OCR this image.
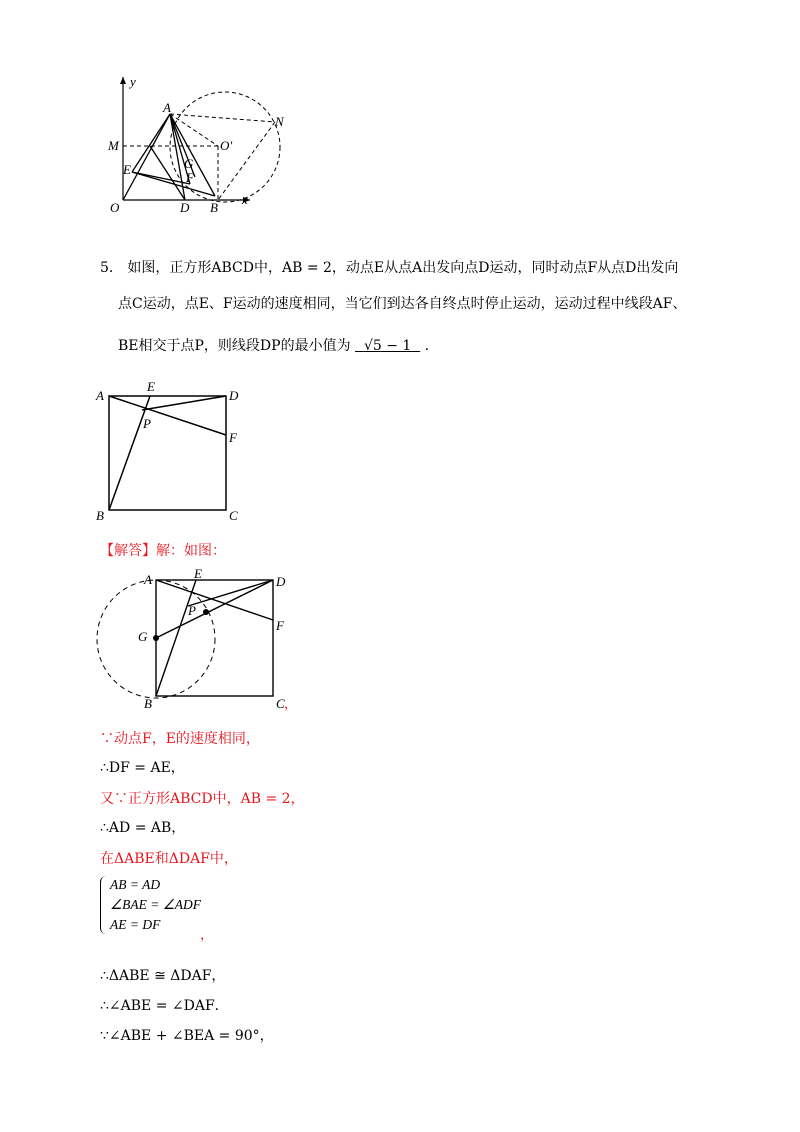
y
x
A
N
M	O'
G
E
F
O	D B
5． 如图，正方形ABCD中，AB = 2，动点E从点A出发向点D运动，同时动点F从点D出发向
点C运动，点E、F运动的速度相同，当它们到达各自终点时停止运动，运动过程中线段AF、
BE相交于点P，则线段DP的最小值为 √5 − 1 .
A
E
D
P
F
B	C
【解答】解：如图：
A	E
D
P
G
F
B	C ，
∵动点F，E的速度相同，
∴DF = AE，
又∵正方形ABCD中，AB = 2，
∴AD = AB，
在ΔABE和ΔDAF中，
AB = AD
∠BAE = ∠ADF
AE = DF
，
∴ΔABE ≅ ΔDAF，
∴∠ABE = ∠DAF．
∵∠ABE + ∠BEA = 90°，
